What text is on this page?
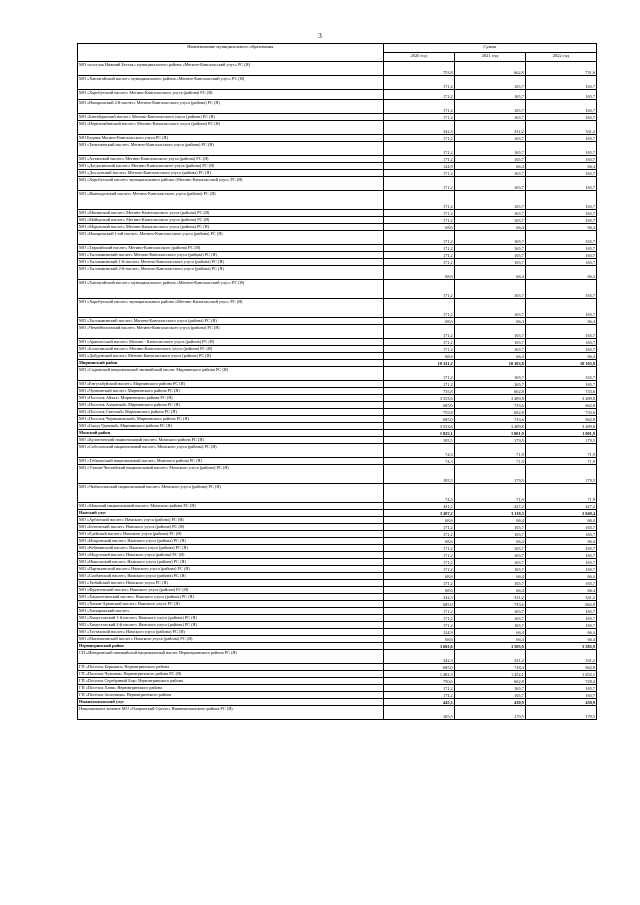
3
Наименование муниципального образования	Сумма		
	2020 год	2021 год	2022 год
МО «поселок Нижний Бестях» муниципального района «Мегино-Кангаласский улус» РС (Я)	753,8	662,8	731,6
МО «Хаптагайский наслег» муниципального района «Мегино-Кангаласский улус» РС (Я)	171,2	165,7	165,7
МО «Хоробутский наслег» Мегино-Кангаласского улуса (района) РС (Я)	171,2	165,7	165,7
МО «Нахаринский 2-й наслег» Мегино-Кангаласского улуса (района) РС (Я)	171,2	165,7	165,7
МО «Бютейдяхский наслег» Мегино-Кангаласского улуса (района) РС (Я)	171,2	165,7	165,7
МО «Нерюктяйинский наслег» Мегино-Кангаласского улуса (района) РС (Я)	342,3	331,2	331,2
МО Бедимя Мегино-Кангаласского улуса РС (Я)	171,2	165,7	165,7
МО «Тюмэтинский наслег» Мегино-Кангаласского улуса (района) РС (Я)	171,2	165,7	165,7
МО «Алтанский наслег» Мегино-Кангаласского улуса (района) РС (Я)	171,2	165,7	165,7
МО «Догдогинский наслег» Мегино-Кангаласского улуса (района) РС (Я)	124,9	66,4	66,4
МО «Доллунский наслег» Мегино-Кангаласского улуса (района) РС (Я)	171,2	165,7	165,7
МО «Хоробутский наслег» муниципального района «Мегино-Кангаласский улус» РС (Я)	171,2	165,7	165,7
МО «Жанходонский наслег» Мегино-Кангаласского улуса (района) РС (Я)	171,2	165,7	165,7
МО «Мятинский наслег» Мегино-Кангаласского улуса (района) РС (Я)	171,2	165,7	165,7
МО «Майорский наслег» Мегино-Кангаласского улуса (района) РС (Я)	171,2	165,7	165,7
МО «Морукский наслег» Мегино-Кангаласского улуса (района) РС (Я)	68,6	66,4	66,4
МО «Нахаринский 1-ый наслег» Мегино-Кангаласского улуса (района) РС (Я)	171,2	165,7	165,7
МО «Тарагайский наслег» Мегино-Кангаласского (района) РС (Я)	171,2	165,7	165,7
МО «Тыллыминский наслег» Мегино-Кангаласского улуса (района) РС (Я)	171,2	165,7	165,7
МО «Тыллыминский 1-й наслег» Мегино-Кангаласского улуса (района) РС (Я)	171,2	165,7	165,7
МО «Тыллыминский 2-й наслег» Мегино-Кангаласского улуса (района) РС (Я)	68,6	66,4	66,4
МО «Хаптагайский наслег» муниципального района «Мегино-Кангаласский улус» РС (Я)	171,2	165,7	165,7
МО «Хоробутский наслег» муниципального района «Мегино-Кангаласский улус» РС (Я)	171,2	165,7	165,7
МО «Тыллыминский наслег» Мегино-Кангаласского улуса (района) РС (Я)	68,6	66,4	66,4
МО «Чемейболонский наслег» Мегино-Кангаласского улуса (района) РС (Я)	171,2	165,7	165,7
МО «Арангасский наслег» Мегино - Кангаласского улуса (района) РС (Я)	171,2	165,7	165,7
МО «Бологинский наслег» Мегино-Кангаласского улуса (района) РС (Я)	171,2	165,7	165,7
МО «Дойдунский наслег» Мегино-Кангаласского улуса (района) РС (Я)	68,6	66,4	66,4
Мирнинский район	10 331,2	10 103,8	10 103,8
МО «Садынский национальный эвенкийский наслег Мирнинского района РС (Я)	171,2	165,7	165,7
МО «Енгусьбуйский наслег» Мирнинского района РС (Я)	171,2	165,7	165,7
МО «Чуонинский наслег» Мирнинского района РС (Я)	755,8	662,8	733,6
МО «Поселок Айхал» Мирнинского района РС (Я)	3 553,6	3 489,8	3 489,8
МО «Поселок Алмазный» Мирнинского района РС (Я)	685,0	733,6	662,8
МО «Поселок Светлый» Мирнинского района РС (Я)	755,8	662,8	733,6
МО «Поселок Чернышевский» Мирнинского района РС (Я)	685,0	733,6	662,8
МО «Город Удачный» Мирнинского района РС (Я)	3 553,6	3 489,8	3 489,8
Момский район	1 025,1	1 001,9	1 001,9
МО «Кулатгинский национальный наслег» Момского района РС (Я)	185,5	179,5	179,5
МО «Соболохский национальный наслег» Момского улуса (района) РС (Я)	74,3	71,9	71,9
МО «Тебилахский национальный наслег» Момского района РС (Я)	74,3	71,9	71,9
МО «Улахан-Чистайский национальный наслег» Момского улуса (района) РС (Я)	185,5	179,5	179,5
МО «Чыбагалахский национальный наслег» Момского улуса (района) РС (Я)	74,3	71,9	71,9
МО «Момский национальный наслег» Момского района РС (Я)	431,2	427,2	427,2
Намский улус	3 207,2	3 118,3	3 049,4
МО «Арбагский наслег» Намского улуса (района) РС (Я)	68,6	66,4	66,4
МО «Бетюнский наслег» Намского улуса (района) РС (Я)	171,2	165,7	165,7
МО «Едейский наслег» Намского улуса (района) РС (Я)	171,2	165,7	165,7
МО «Искровский наслег» Намского улуса (района) РС (Я)	68,6	66,4	66,4
МО «Кебекинский наслег» Намского улуса (района) РС (Я)	171,2	165,7	165,7
МО «Модутский наслег» Намского улуса (района) РС (Я)	171,2	165,7	165,7
МО «Никольский наслег» Намского улуса (района) РС (Я)	171,2	165,7	165,7
МО «Партизанский наслег» Намского улуса (района) РС (Я)	171,2	165,7	165,7
МО «Салбанский наслег» Намского улуса (района) РС (Я)	68,6	66,4	66,4
МО «Тюбяйский наслег» Намского улуса РС (Я)	171,2	165,7	165,7
МО «Фрунзенский наслег» Намского улуса (района) РС (Я)	68,6	66,4	66,4
МО «Хамагаттинский наслег» Намского улуса (района) РС (Я)	342,3	331,2	331,2
МО «Хатын-Арынский наслег» Намского улуса РС (Я)	685,0	733,6	662,8
МО «Хатырыкский наслег»	171,2	165,7	165,7
МО «Хомустахский 1-й наслег» Намского улуса (района) РС (Я)	171,2	165,7	165,7
МО «Хомустахский 2-й наслег» Намского улуса (района) РС (Я)	171,2	165,7	165,7
МО «Тастахский наслег» Намского улуса (района) РС (Я)	124,9	66,4	66,4
МО «Маганагинский наслег» Намского улуса (района) РС (Я)	68,6	66,4	66,4
Нерюнгринский район	3 602,6	3 595,9	3 585,9
СП «Иенгринский эвенкийский национальный наслег Нерюнгринского района РС (Я)	342,3	331,2	331,2
ГП «Поселок Беркакит» Нерюнгринского района	685,0	728,4	662,8
ГП «Поселок Чульман» Нерюнгринского района РС (Я)	1 482,3	1 452,1	1 452,1
ГП «Поселок Серебряный Бор» Нерюнгринского района	750,6	662,8	728,4
ГП «Поселок Хани» Нерюнгринского района	171,2	165,7	165,7
ГП «Поселок Золотинка» Нерюнгринского района	171,2	165,7	165,7
Нижнеколымский улус	445,3	430,9	430,9
Национальное кочевое МО «Олеринский Суктул» Нижнеколымского района РС (Я)	185,5	179,5	179,5
